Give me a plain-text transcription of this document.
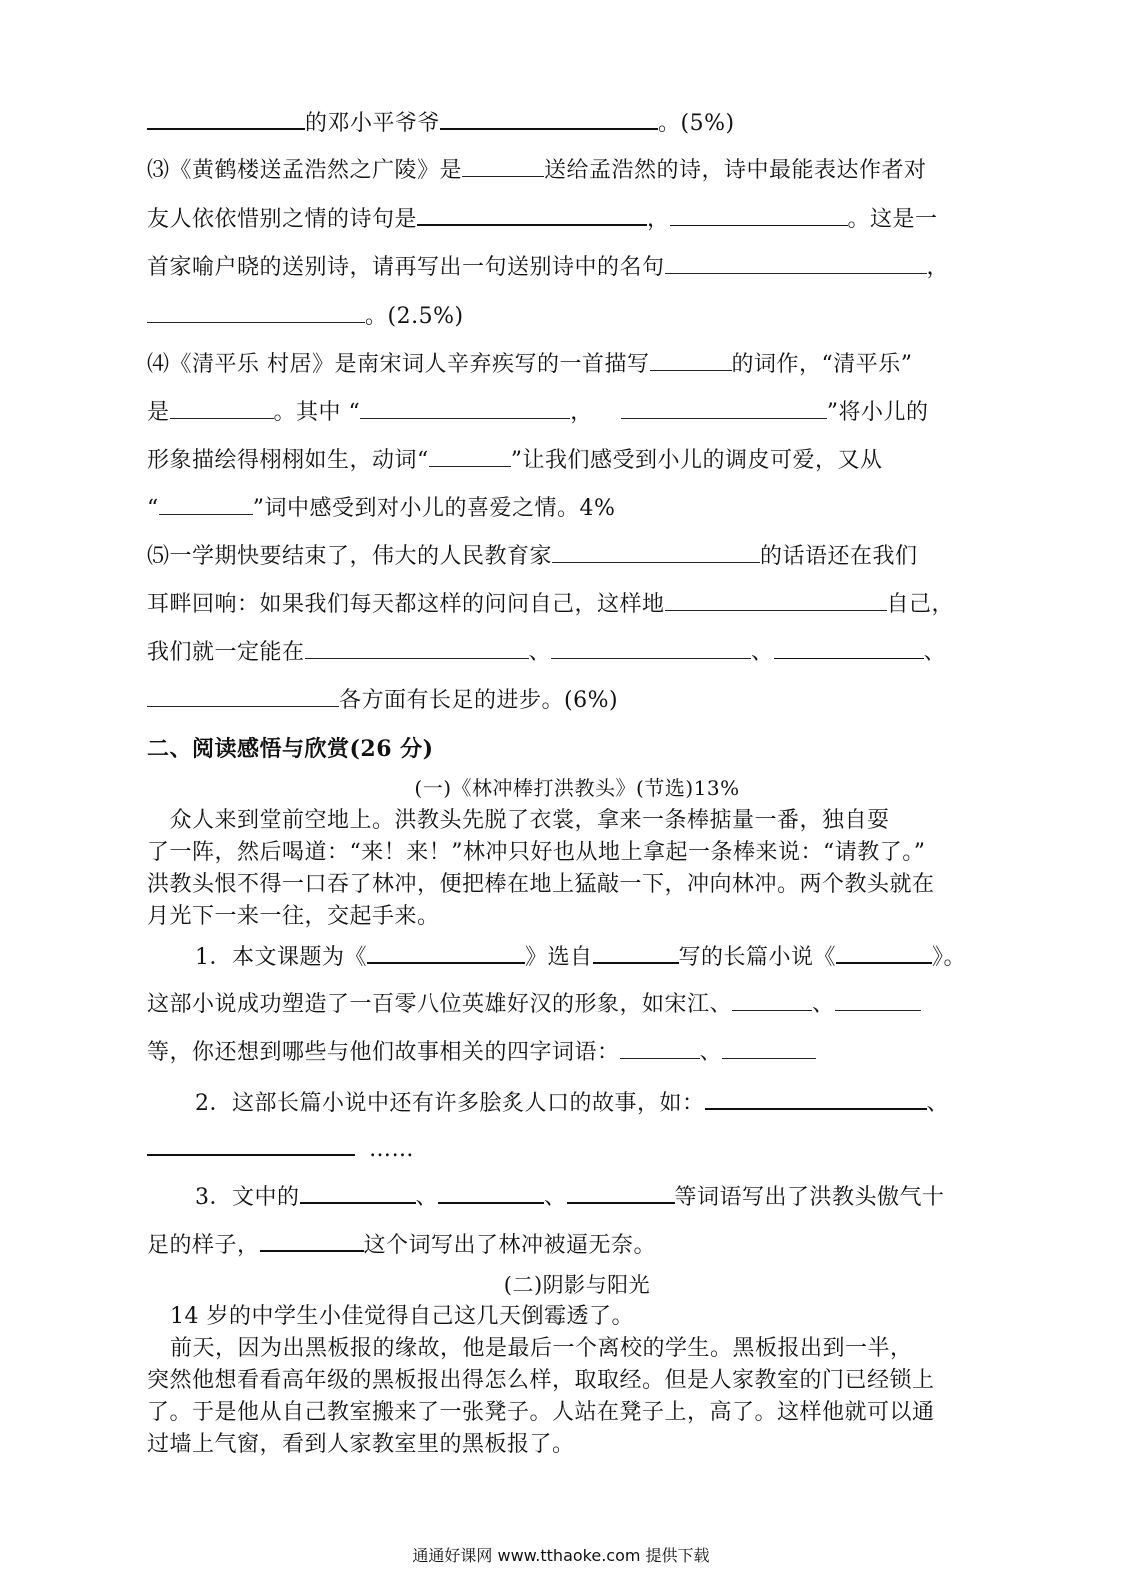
的邓小平爷爷	。(5%)
⑶《黄鹤楼送孟浩然之广陵》是	送给孟浩然的诗，诗中最能表达作者对
友人依依惜别之情的诗句是	，	。这是一
首家喻户晓的送别诗，请再写出一句送别诗中的名句	，
。(2.5%)
⑷《清平乐 村居》是南宋词人辛弃疾写的一首描写	的词作，“清平乐”
是	。其中 “	，	”将小儿的
形象描绘得栩栩如生，动词“	”让我们感受到小儿的调皮可爱，又从
“	”词中感受到对小儿的喜爱之情。4%
⑸一学期快要结束了，伟大的人民教育家	的话语还在我们
耳畔回响：如果我们每天都这样的问问自己，这样地	自己，
我们就一定能在	、	、	、
各方面有长足的进步。(6%)
二、阅读感悟与欣赏(26 分)
(一)《林冲棒打洪教头》(节选)13%
　众人来到堂前空地上。洪教头先脱了衣裳，拿来一条棒掂量一番，独自耍
了一阵，然后喝道：“来！来！”林冲只好也从地上拿起一条棒来说：“请教了。”
洪教头恨不得一口吞了林冲，便把棒在地上猛敲一下，冲向林冲。两个教头就在
月光下一来一往，交起手来。
1．本文课题为《	》选自	写的长篇小说《	》。
这部小说成功塑造了一百零八位英雄好汉的形象，如宋江、	、
等，你还想到哪些与他们故事相关的四字词语：	、
2．这部长篇小说中还有许多脍炙人口的故事，如：	、
……
3．文中的	、	、	等词语写出了洪教头傲气十
足的样子，	这个词写出了林冲被逼无奈。
(二)阴影与阳光
14 岁的中学生小佳觉得自己这几天倒霉透了。
前天，因为出黑板报的缘故，他是最后一个离校的学生。黑板报出到一半，
突然他想看看高年级的黑板报出得怎么样，取取经。但是人家教室的门已经锁上
了。于是他从自己教室搬来了一张凳子。人站在凳子上，高了。这样他就可以通
过墙上气窗，看到人家教室里的黑板报了。
通通好课网 www.tthaoke.com 提供下载
